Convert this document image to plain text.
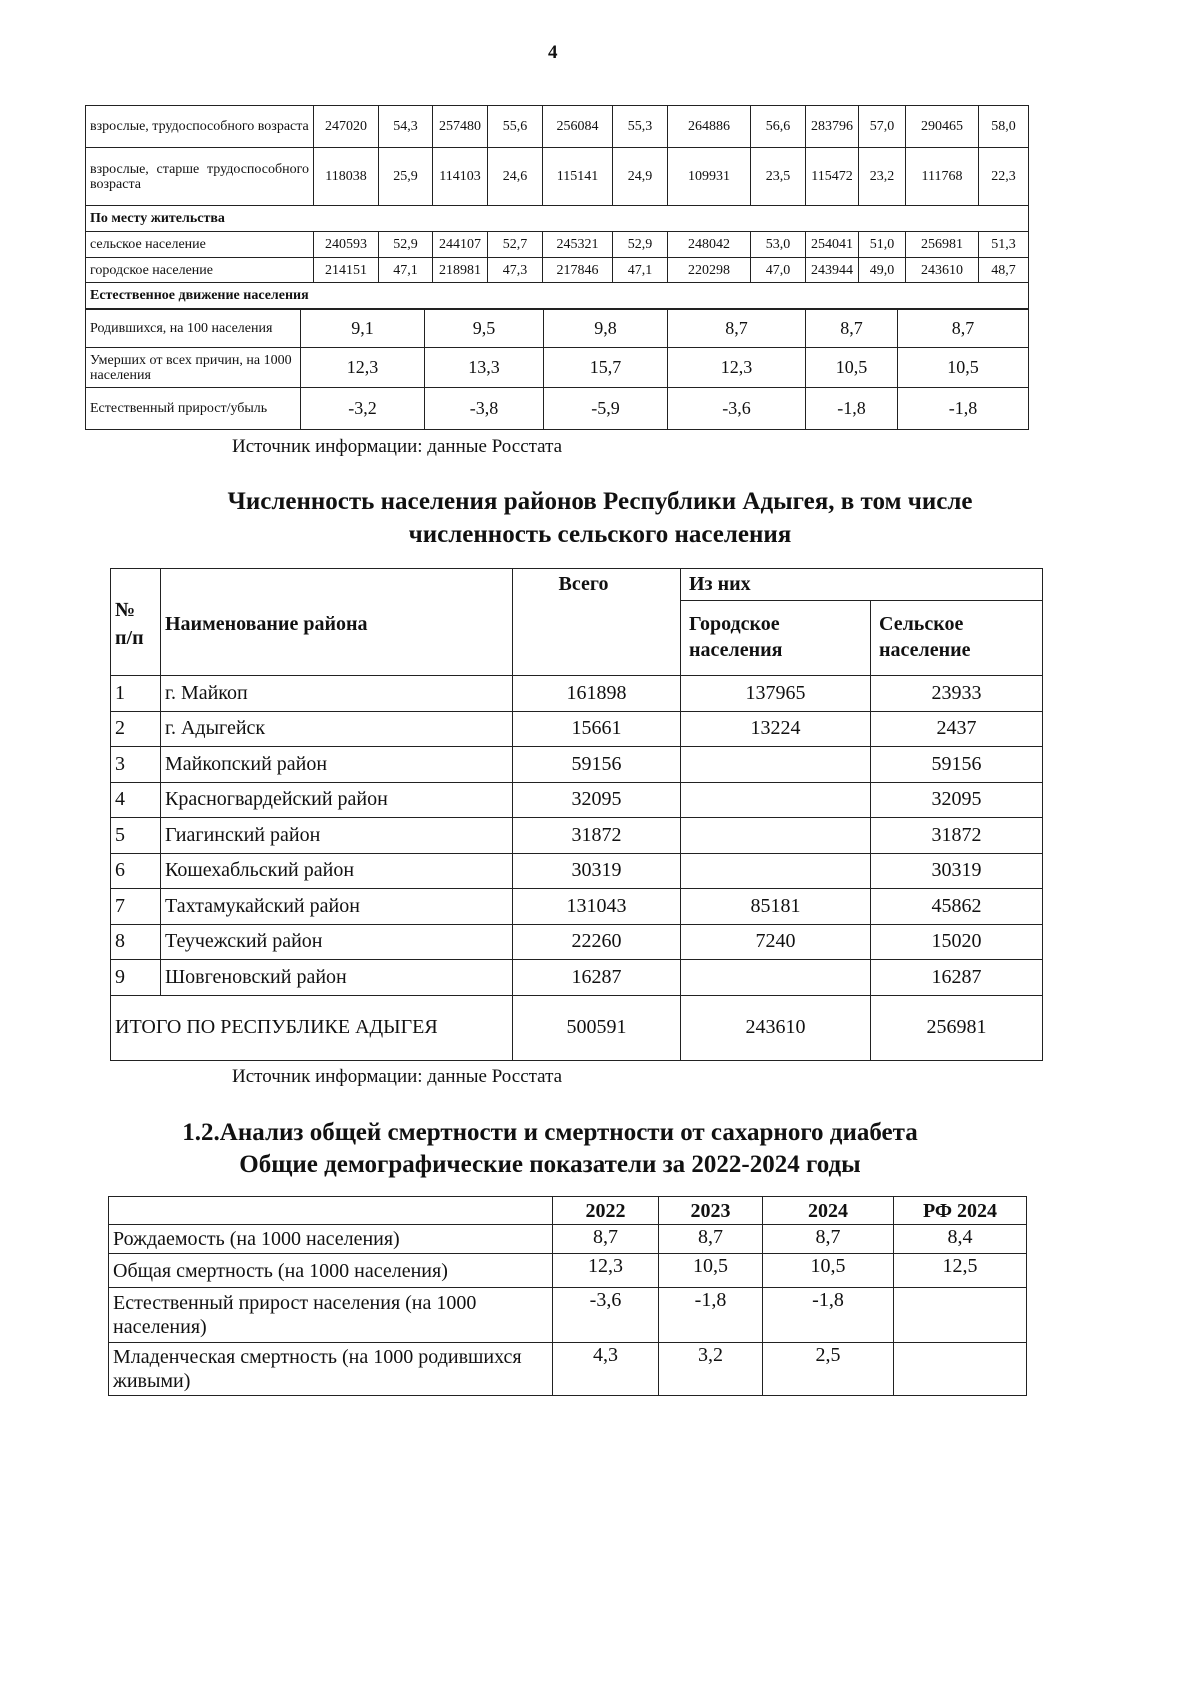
4
взрослые, трудоспособного возраста	247020	54,3	257480	55,6	256084	55,3	264886	56,6	283796	57,0	290465	58,0
взрослые, старше трудоспособного возраста	118038	25,9	114103	24,6	115141	24,9	109931	23,5	115472	23,2	111768	22,3
По месту жительства												
сельское население	240593	52,9	244107	52,7	245321	52,9	248042	53,0	254041	51,0	256981	51,3
городское население	214151	47,1	218981	47,3	217846	47,1	220298	47,0	243944	49,0	243610	48,7
Естественное движение населения												
Родившихся, на 100 населения	9,1	9,5	9,8	8,7	8,7	8,7
Умерших от всех причин, на 1000 населения	12,3	13,3	15,7	12,3	10,5	10,5
Естественный прирост/убыль	-3,2	-3,8	-5,9	-3,6	-1,8	-1,8
Источник информации: данные Росстата
Численность населения районов Республики Адыгея, в том числе численность сельского населения
№ п/п	Наименование района	Всего	Из них	
			Городское населения	Сельское население
1	г. Майкоп	161898	137965	23933
2	г. Адыгейск	15661	13224	2437
3	Майкопский район	59156		59156
4	Красногвардейский район	32095		32095
5	Гиагинский район	31872		31872
6	Кошехабльский район	30319		30319
7	Тахтамукайский район	131043	85181	45862
8	Теучежский район	22260	7240	15020
9	Шовгеновский район	16287		16287
ИТОГО ПО РЕСПУБЛИКЕ АДЫГЕЯ		500591	243610	256981
Источник информации: данные Росстата
1.2.Анализ общей смертности и смертности от сахарного диабета
Общие демографические показатели за 2022-2024 годы
	2022	2023	2024	РФ 2024
Рождаемость (на 1000 населения)	8,7	8,7	8,7	8,4
Общая смертность (на 1000 населения)	12,3	10,5	10,5	12,5
Естественный прирост населения (на 1000 населения)	-3,6	-1,8	-1,8	
Младенческая смертность (на 1000 родившихся живыми)	4,3	3,2	2,5	
